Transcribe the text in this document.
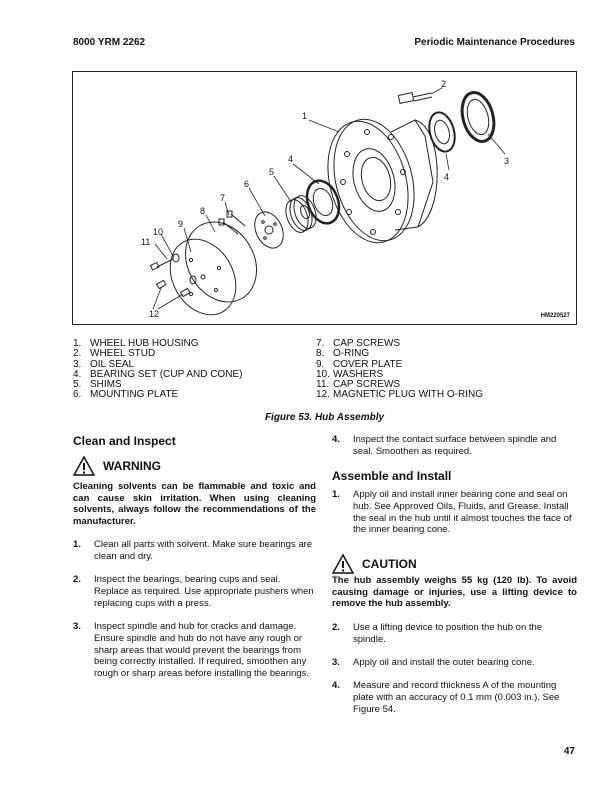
8000 YRM 2262	Periodic Maintenance Procedures
1
2
3
4
4
5
6
7
8
9
10
11
12	HM220527
1. WHEEL HUB HOUSING
2. WHEEL STUD
3. OIL SEAL
4. BEARING SET (CUP AND CONE)
5. SHIMS
6. MOUNTING PLATE
7. CAP SCREWS
8. O-RING
9. COVER PLATE
10. WASHERS
11. CAP SCREWS
12. MAGNETIC PLUG WITH O-RING
Figure 53. Hub Assembly
Clean and Inspect
WARNING
Cleaning solvents can be flammable and toxic and can cause skin irritation. When using cleaning solvents, always follow the recommendations of the manufacturer.
1.	Clean all parts with solvent. Make sure bearings are clean and dry.
2.	Inspect the bearings, bearing cups and seal. Replace as required. Use appropriate pushers when replacing cups with a press.
3.	Inspect spindle and hub for cracks and damage. Ensure spindle and hub do not have any rough or sharp areas that would prevent the bearings from being correctly installed. If required, smoothen any rough or sharp areas before installing the bearings.
4.	Inspect the contact surface between spindle and seal. Smoothen as required.
Assemble and Install
1.	Apply oil and install inner bearing cone and seal on hub. See Approved Oils, Fluids, and Grease. Install the seal in the hub until it almost touches the face of the inner bearing cone.
CAUTION
The hub assembly weighs 55 kg (120 lb). To avoid causing damage or injuries, use a lifting device to remove the hub assembly.
2.	Use a lifting device to position the hub on the spindle.
3.	Apply oil and install the outer bearing cone.
4.	Measure and record thickness A of the mounting plate with an accuracy of 0.1 mm (0.003 in.). See Figure 54.
47
